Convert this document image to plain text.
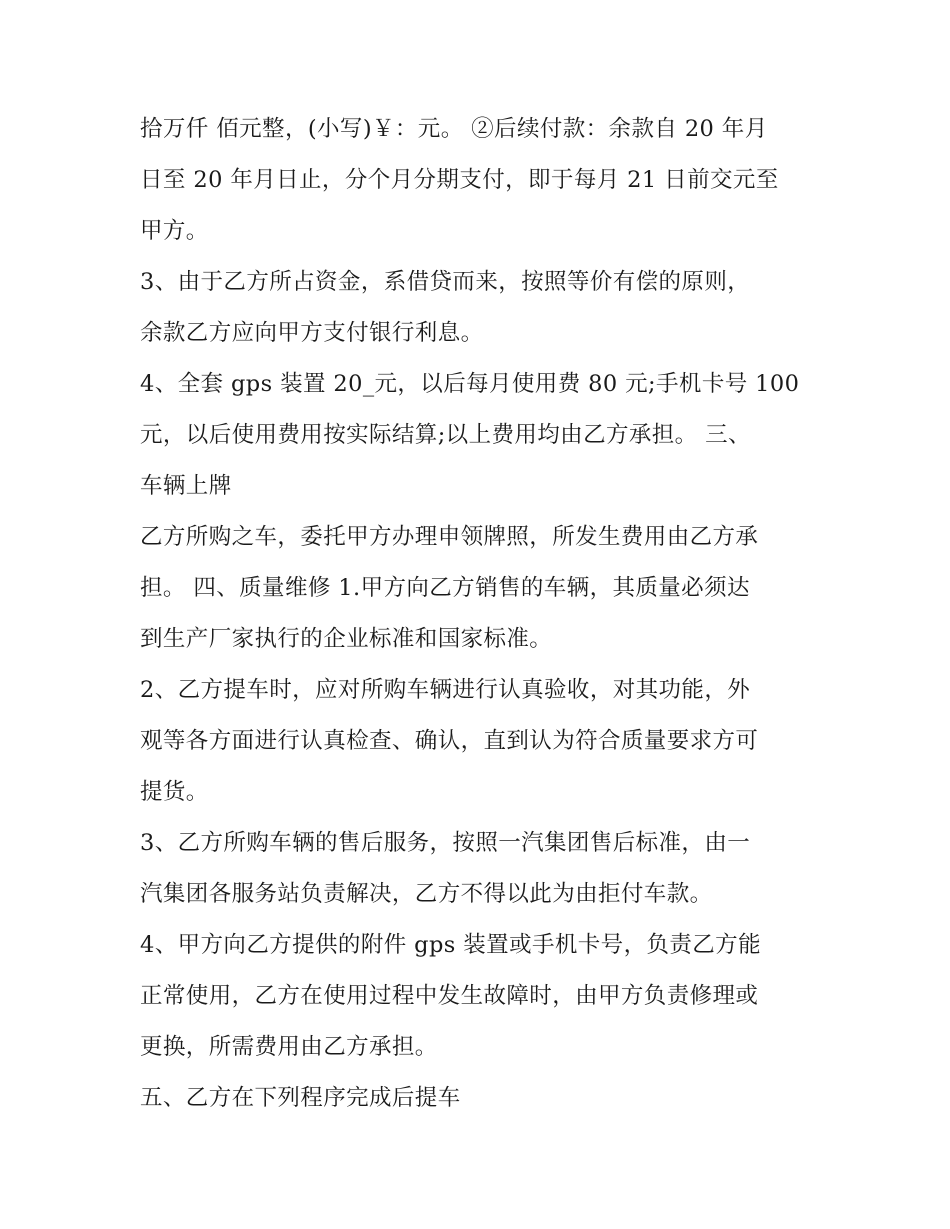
拾万仟 佰元整，(小写)￥：元。 ②后续付款：余款自 20 年月
日至 20 年月日止，分个月分期支付，即于每月 21 日前交元至
甲方。
3、由于乙方所占资金，系借贷而来，按照等价有偿的原则，
余款乙方应向甲方支付银行利息。
4、全套 gps 装置 20_元，以后每月使用费 80 元;手机卡号 100
元，以后使用费用按实际结算;以上费用均由乙方承担。 三、
车辆上牌
乙方所购之车，委托甲方办理申领牌照，所发生费用由乙方承
担。 四、质量维修 1.甲方向乙方销售的车辆，其质量必须达
到生产厂家执行的企业标准和国家标准。
2、乙方提车时，应对所购车辆进行认真验收，对其功能，外
观等各方面进行认真检查、确认，直到认为符合质量要求方可
提货。
3、乙方所购车辆的售后服务，按照一汽集团售后标准，由一
汽集团各服务站负责解决，乙方不得以此为由拒付车款。
4、甲方向乙方提供的附件 gps 装置或手机卡号，负责乙方能
正常使用，乙方在使用过程中发生故障时，由甲方负责修理或
更换，所需费用由乙方承担。
五、乙方在下列程序完成后提车
